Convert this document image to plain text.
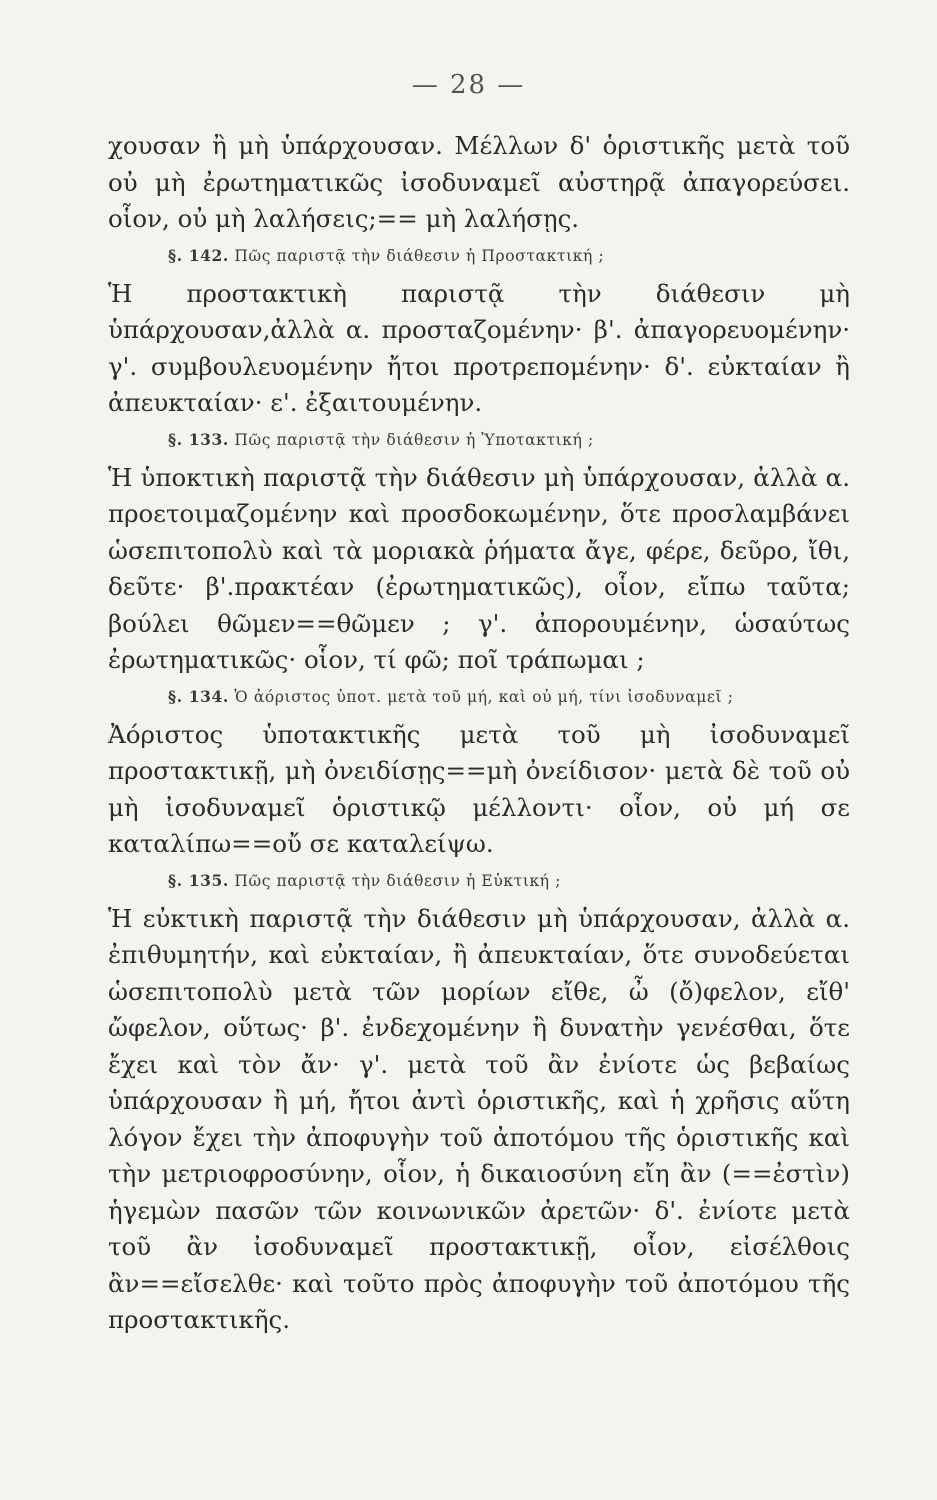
— 28 —

χουσαν ἢ μὴ ὑπάρχουσαν. Μέλλων δ' ὁριστικῆς μετὰ τοῦ οὐ μὴ ἐρωτηματικῶς ἰσοδυναμεῖ αὐστηρᾷ ἀπαγορεύσει. οἷον, οὐ μὴ λαλήσεις;== μὴ λαλήσῃς.

§. 142. Πῶς παριστᾷ τὴν διάθεσιν ἡ Προστακτική ;

Ἡ προστακτικὴ παριστᾷ τὴν διάθεσιν μὴ ὑπάρχουσαν,ἀλλὰ α. προσταζομένην· β'. ἀπαγορευομένην· γ'. συμβουλευομένην ἤτοι προτρεπομένην· δ'. εὐκταίαν ἢ ἀπευκταίαν· ε'. ἐξαιτουμένην.

§. 133. Πῶς παριστᾷ τὴν διάθεσιν ἡ Ὑποτακτική ;

Ἡ ὑποκτικὴ παριστᾷ τὴν διάθεσιν μὴ ὑπάρχουσαν, ἀλλὰ α. προετοιμαζομένην καὶ προσδοκωμένην, ὅτε προσλαμβάνει ὡσεπιτοπολὺ καὶ τὰ μοριακὰ ῥήματα ἄγε, φέρε, δεῦρο, ἴθι, δεῦτε· β'.πρακτέαν (ἐρωτηματικῶς), οἷον, εἴπω ταῦτα; βούλει θῶμεν==θῶμεν ; γ'. ἀπορουμένην, ὡσαύτως ἐρωτηματικῶς· οἷον, τί φῶ; ποῖ τράπωμαι ;

§. 134. Ὁ ἀόριστος ὑποτ. μετὰ τοῦ μή, καὶ οὐ μή, τίνι ἰσοδυναμεῖ ;

Ἀόριστος ὑποτακτικῆς μετὰ τοῦ μὴ ἰσοδυναμεῖ προστακτικῇ, μὴ ὀνειδίσῃς==μὴ ὀνείδισον· μετὰ δὲ τοῦ οὐ μὴ ἰσοδυναμεῖ ὁριστικῷ μέλλοντι· οἷον, οὐ μή σε καταλίπω==οὔ σε καταλείψω.

§. 135. Πῶς παριστᾷ τὴν διάθεσιν ἡ Εὐκτική ;

Ἡ εὐκτικὴ παριστᾷ τὴν διάθεσιν μὴ ὑπάρχουσαν, ἀλλὰ α. ἐπιθυμητήν, καὶ εὐκταίαν, ἢ ἀπευκταίαν, ὅτε συνοδεύεται ὡσεπιτοπολὺ μετὰ τῶν μορίων εἴθε, ὦ (ὄ)φελον, εἴθ' ὤφελον, οὕτως· β'. ἐνδεχομένην ἢ δυνατὴν γενέσθαι, ὅτε ἔχει καὶ τὸν ἄν· γ'. μετὰ τοῦ ἂν ἐνίοτε ὡς βεβαίως ὑπάρχουσαν ἢ μή, ἤτοι ἀντὶ ὁριστικῆς, καὶ ἡ χρῆσις αὕτη λόγον ἔχει τὴν ἀποφυγὴν τοῦ ἀποτόμου τῆς ὁριστικῆς καὶ τὴν μετριοφροσύνην, οἷον, ἡ δικαιοσύνη εἴη ἂν (==ἐστὶν) ἡγεμὼν πασῶν τῶν κοινωνικῶν ἀρετῶν· δ'. ἐνίοτε μετὰ τοῦ ἂν ἰσοδυναμεῖ προστακτικῇ, οἷον, εἰσέλθοις ἂν==εἴσελθε· καὶ τοῦτο πρὸς ἀποφυγὴν τοῦ ἀποτόμου τῆς προστακτικῆς.
